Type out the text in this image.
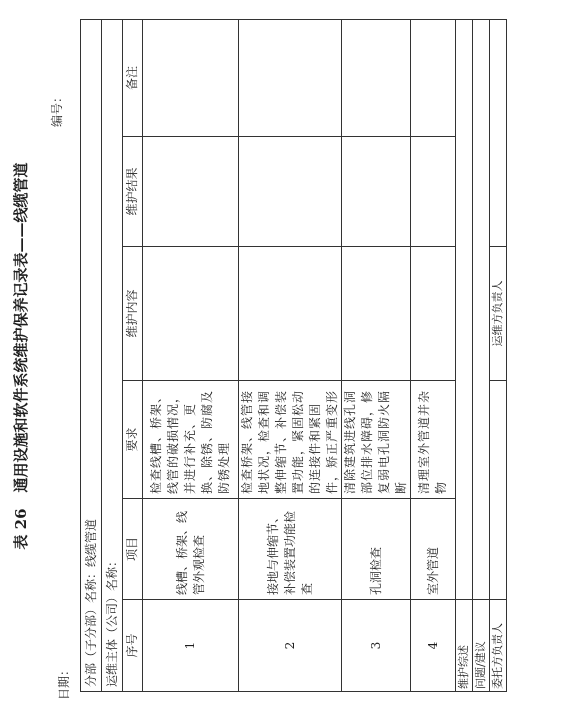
表 26通用设施和软件系统维护保养记录表——线缆管道
编号：
日期： 分部（子分部）名称：线缆管道					
运维主体（公司）名称：					
序号	项目	要求	维护内容	维护结果	备注
1	线槽、桥架、线管外观检查	检查线槽、桥架、线管的破损情况，并进行补充、更换、除锈、防腐及防锈处理			
2	接地与伸缩节、补偿装置功能检查	检查桥架、线管接地状况，检查和调整伸缩节、补偿装置功能，紧固松动的连接件和紧固件，矫正严重变形			
3	孔洞检查	清除建筑进线孔洞部位排水障碍，修复弱电孔洞防火隔断			
4	室外管道	清理室外管道并杂物			
维护综述					
问题/建议					
委托方负责人			运维方负责人		
